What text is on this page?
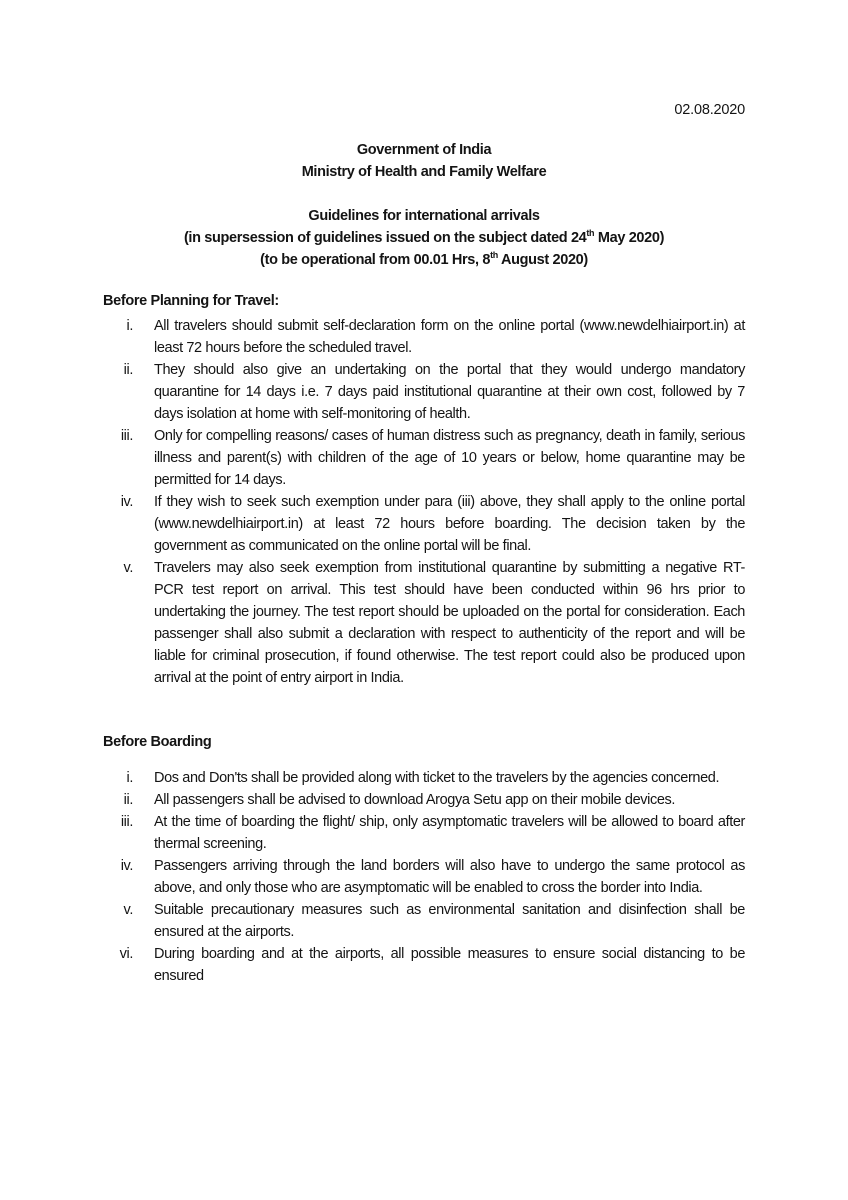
02.08.2020
Government of India
Ministry of Health and Family Welfare
Guidelines for international arrivals
(in supersession of guidelines issued on the subject dated 24th May 2020)
(to be operational from 00.01 Hrs, 8th August 2020)
Before Planning for Travel:
i.	All travelers should submit self-declaration form on the online portal (www.newdelhiairport.in) at least 72 hours before the scheduled travel.
ii.	They should also give an undertaking on the portal that they would undergo mandatory quarantine for 14 days i.e. 7 days paid institutional quarantine at their own cost, followed by 7 days isolation at home with self-monitoring of health.
iii.	Only for compelling reasons/ cases of human distress such as pregnancy, death in family, serious illness and parent(s) with children of the age of 10 years or below, home quarantine may be permitted for 14 days.
iv.	If they wish to seek such exemption under para (iii) above, they shall apply to the online portal (www.newdelhiairport.in) at least 72 hours before boarding. The decision taken by the government as communicated on the online portal will be final.
v.	Travelers may also seek exemption from institutional quarantine by submitting a negative RT-PCR test report on arrival. This test should have been conducted within 96 hrs prior to undertaking the journey. The test report should be uploaded on the portal for consideration. Each passenger shall also submit a declaration with respect to authenticity of the report and will be liable for criminal prosecution, if found otherwise. The test report could also be produced upon arrival at the point of entry airport in India.
Before Boarding
i.	Dos and Don'ts shall be provided along with ticket to the travelers by the agencies concerned.
ii.	All passengers shall be advised to download Arogya Setu app on their mobile devices.
iii.	At the time of boarding the flight/ ship, only asymptomatic travelers will be allowed to board after thermal screening.
iv.	Passengers arriving through the land borders will also have to undergo the same protocol as above, and only those who are asymptomatic will be enabled to cross the border into India.
v.	Suitable precautionary measures such as environmental sanitation and disinfection shall be ensured at the airports.
vi.	During boarding and at the airports, all possible measures to ensure social distancing to be ensured
